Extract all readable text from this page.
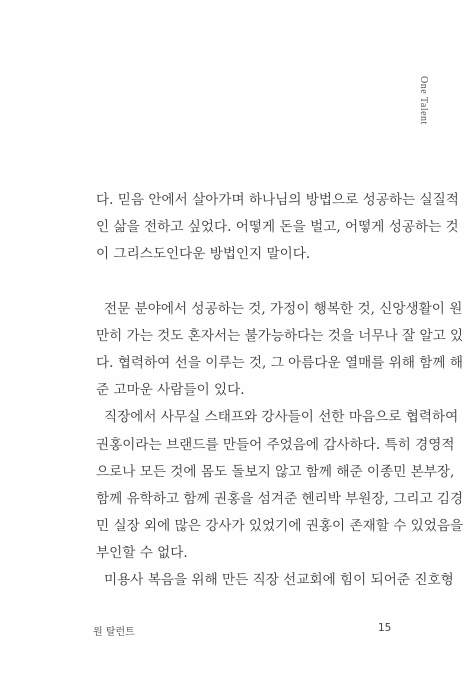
One Talent
다. 믿음 안에서 살아가며 하나님의 방법으로 성공하는 실질적
인 삶을 전하고 싶었다. 어떻게 돈을 벌고, 어떻게 성공하는 것
이 그리스도인다운 방법인지 말이다.
전문 분야에서 성공하는 것, 가정이 행복한 것, 신앙생활이 원
만히 가는 것도 혼자서는 불가능하다는 것을 너무나 잘 알고 있
다. 협력하여 선을 이루는 것, 그 아름다운 열매를 위해 함께 해
준 고마운 사람들이 있다.
직장에서 사무실 스태프와 강사들이 선한 마음으로 협력하여
권홍이라는 브랜드를 만들어 주었음에 감사하다. 특히 경영적
으로나 모든 것에 몸도 돌보지 않고 함께 해준 이종민 본부장,
함께 유학하고 함께 권홍을 섬겨준 헨리박 부원장, 그리고 김경
민 실장 외에 많은 강사가 있었기에 권홍이 존재할 수 있었음을
부인할 수 없다.
미용사 복음을 위해 만든 직장 선교회에 힘이 되어준 진호형
원 탈런트	15
